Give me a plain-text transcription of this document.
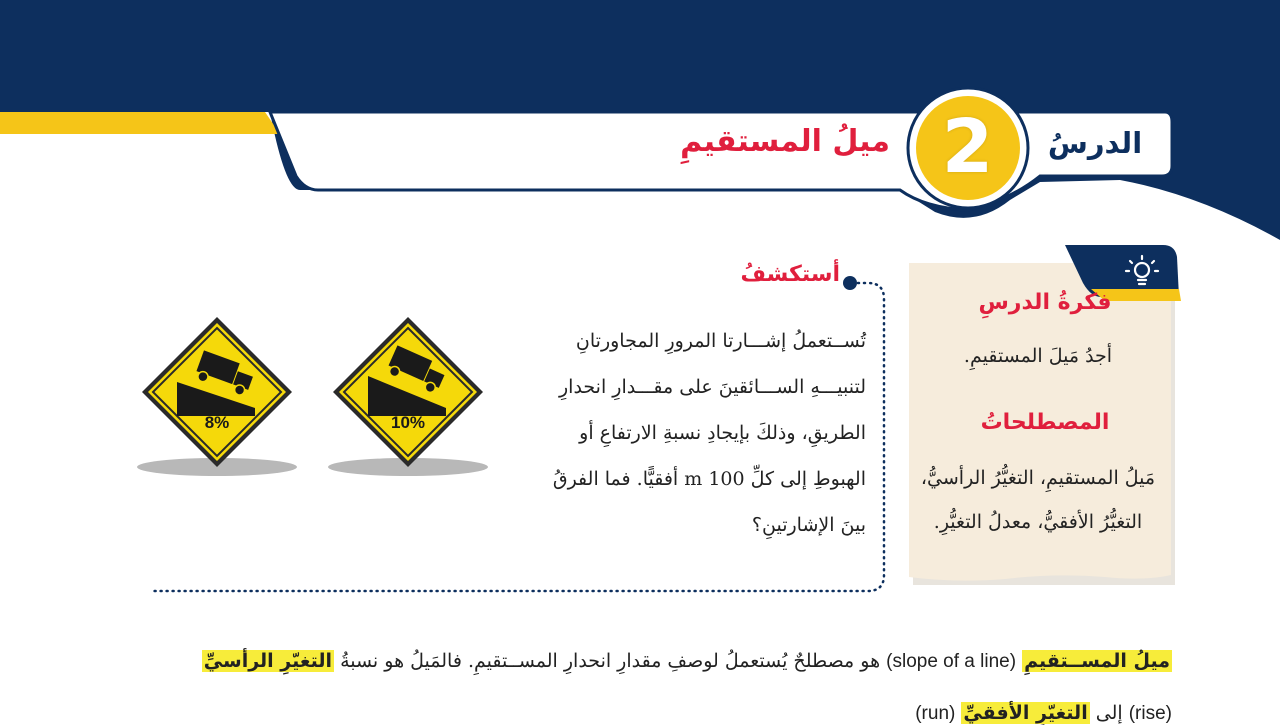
الدرسُ
2
ميلُ المستقيمِ
أستكشفُ
تُســتعملُ إشـــارتا المرورِ المجاورتانِ
لتنبيـــهِ الســـائقينَ على مقـــدارِ انحدارِ
الطريقِ، وذلكَ بإيجادِ نسبةِ الارتفاعِ أو
الهبوطِ إلى كلِّ 100 m أفقيًّا. فما الفرقُ
بينَ الإشارتينِ؟
10%
8%
فكرةُ الدرسِ
أجدُ مَيلَ المستقيمِ.
المصطلحاتُ
مَيلُ المستقيمِ، التغيُّرُ الرأسيُّ،
التغيُّرُ الأفقيُّ، معدلُ التغيُّرِ.
ميلُ المســتقيمِ (slope of a line) هو مصطلحٌ يُستعملُ لوصفِ مقدارِ انحدارِ المســتقيمِ. فالمَيلُ هو نسبةُ التغيّرِ الرأسيِّ
(rise) إلى التغيّرِ الأفقيِّ (run)
